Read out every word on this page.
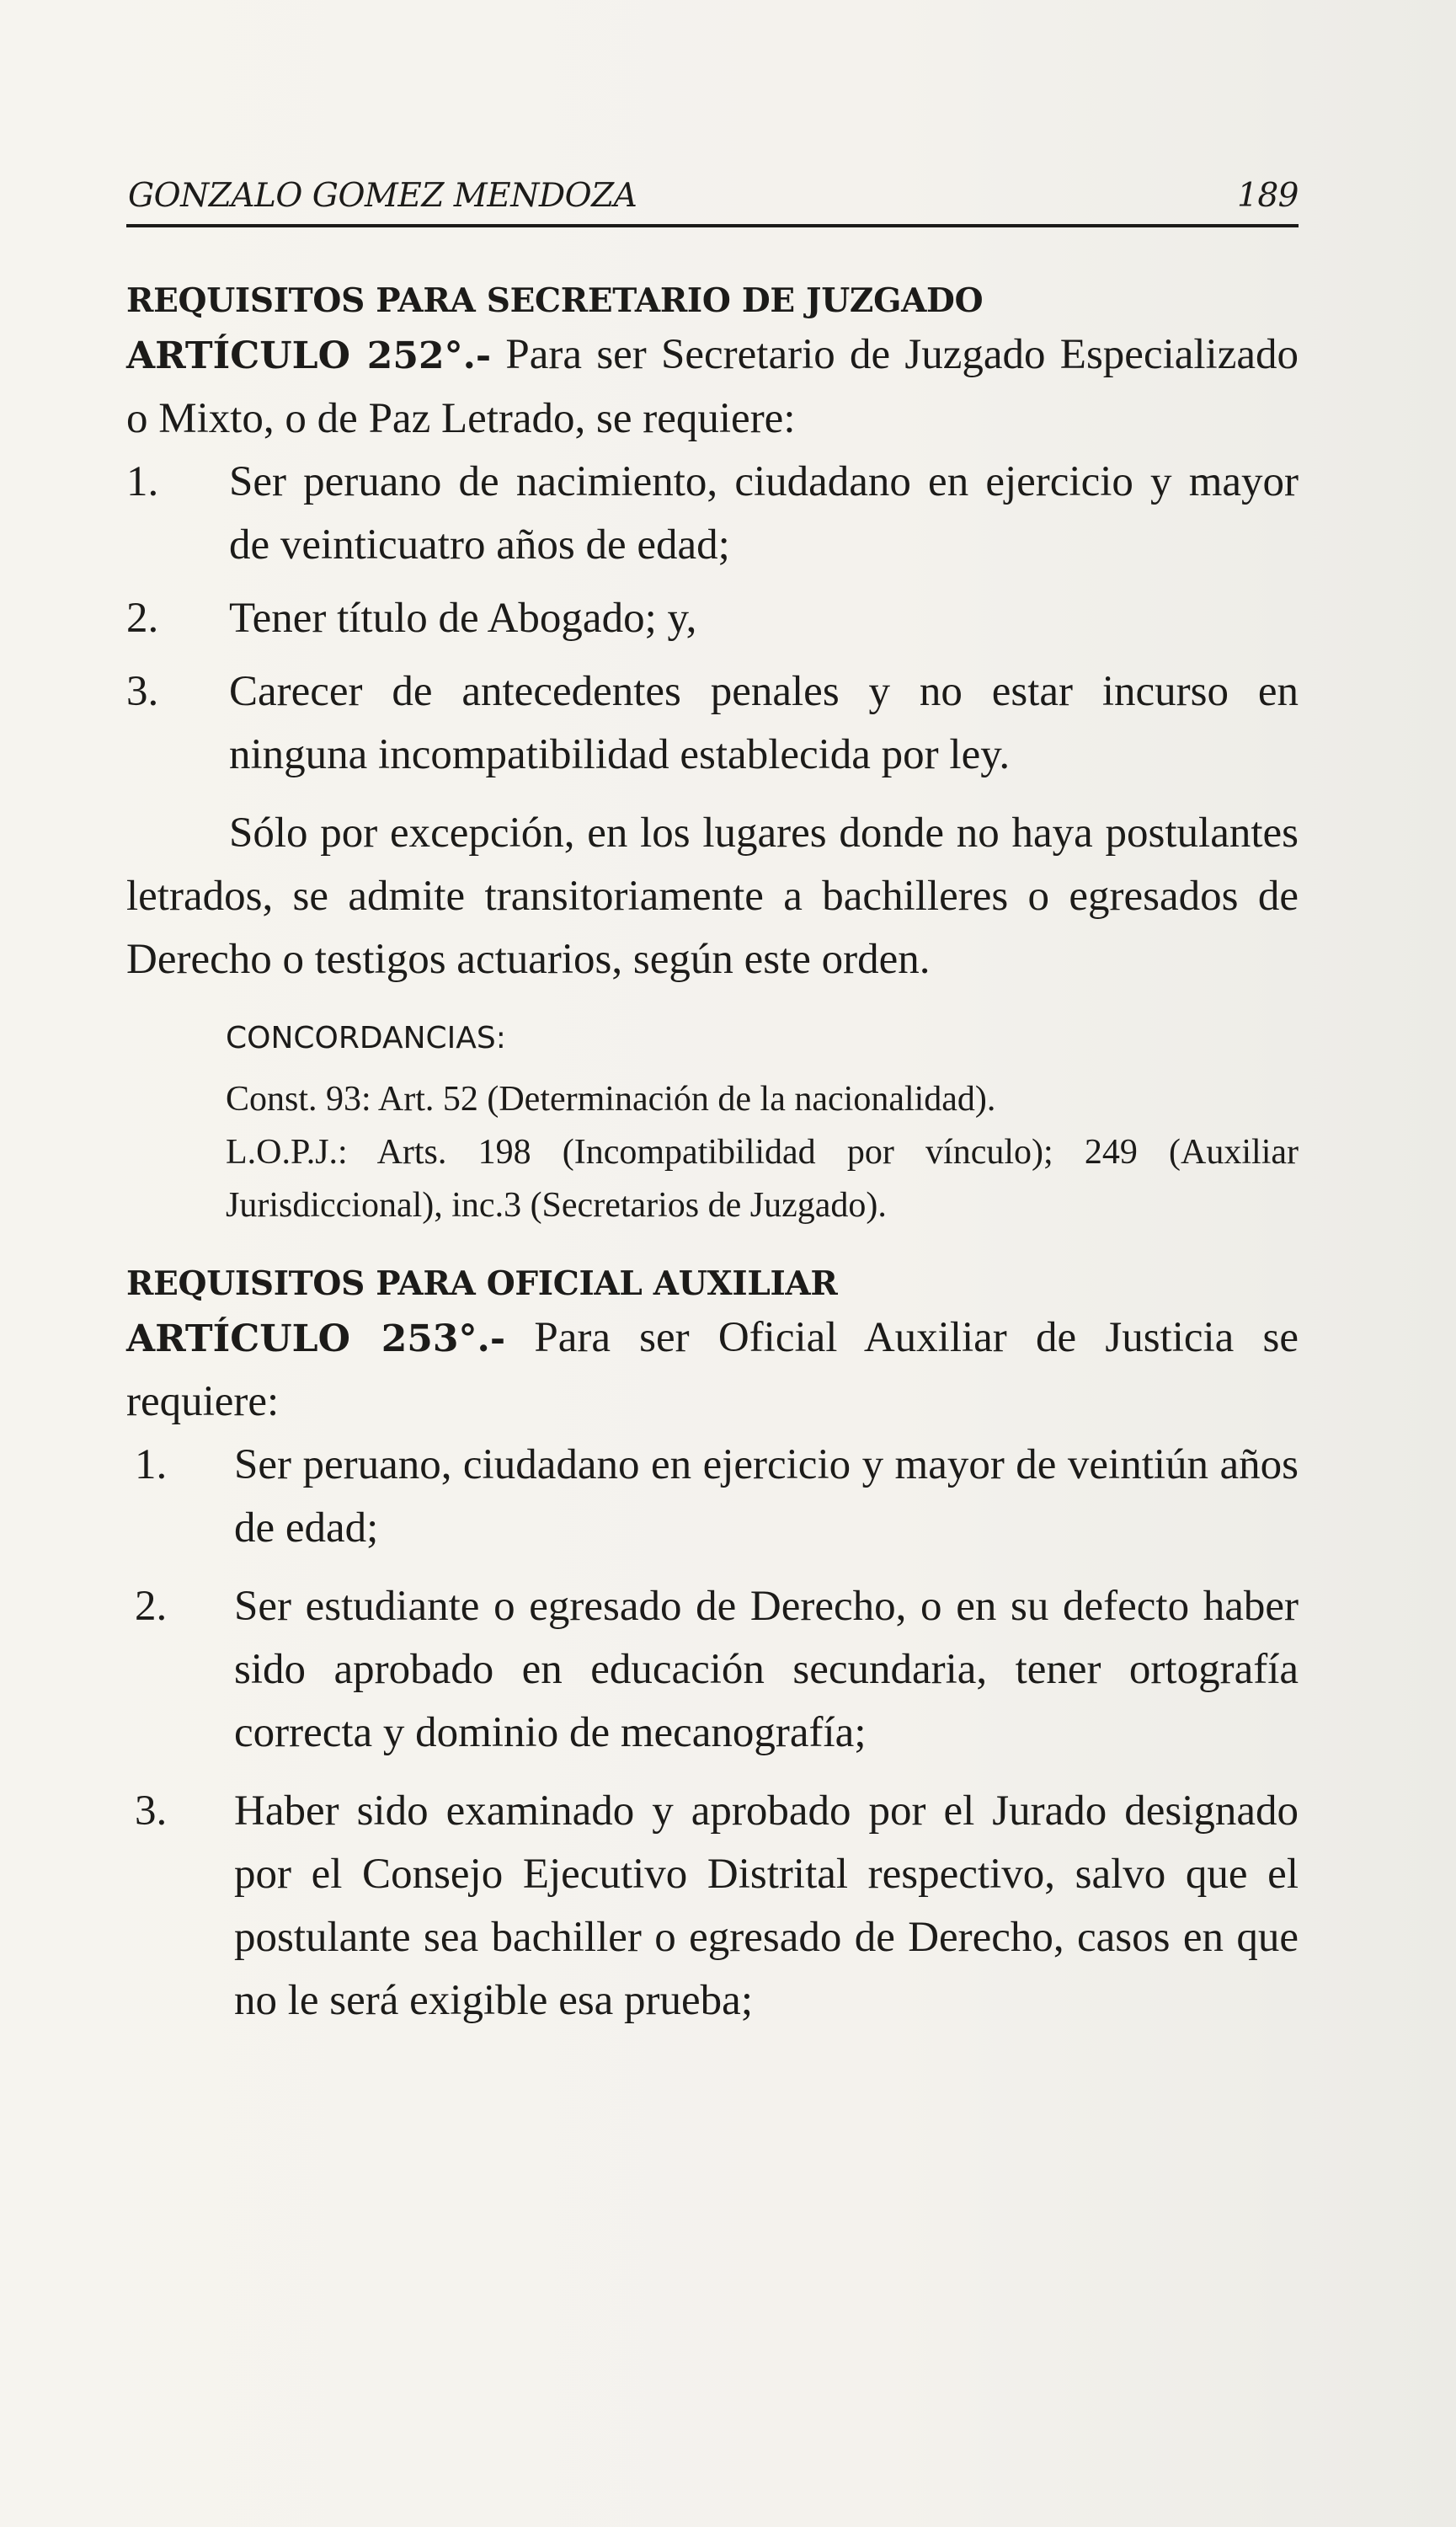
GONZALO GOMEZ MENDOZA	189

REQUISITOS PARA SECRETARIO DE JUZGADO

ARTÍCULO 252°.- Para ser Secretario de Juzgado Especializado o Mixto, o de Paz Letrado, se requiere:

1.	Ser peruano de nacimiento, ciudadano en ejercicio y mayor de veinticuatro años de edad;
2.	Tener título de Abogado; y,
3.	Carecer de antecedentes penales y no estar incurso en ninguna incompatibilidad establecida por ley.

Sólo por excepción, en los lugares donde no haya postulantes letrados, se admite transitoriamente a bachilleres o egresados de Derecho o testigos actuarios, según este orden.

CONCORDANCIAS:

Const. 93: Art. 52 (Determinación de la nacionalidad).

L.O.P.J.: Arts. 198 (Incompatibilidad por vínculo); 249 (Auxiliar Jurisdiccional), inc.3 (Secretarios de Juzgado).

REQUISITOS PARA OFICIAL AUXILIAR

ARTÍCULO 253°.- Para ser Oficial Auxiliar de Justicia se requiere:

1.	Ser peruano, ciudadano en ejercicio y mayor de veintiún años de edad;
2.	Ser estudiante o egresado de Derecho, o en su defecto haber sido aprobado en educación secundaria, tener ortografía correcta y dominio de mecanografía;
3.	Haber sido examinado y aprobado por el Jurado designado por el Consejo Ejecutivo Distrital respectivo, salvo que el postulante sea bachiller o egresado de Derecho, casos en que no le será exigible esa prueba;
